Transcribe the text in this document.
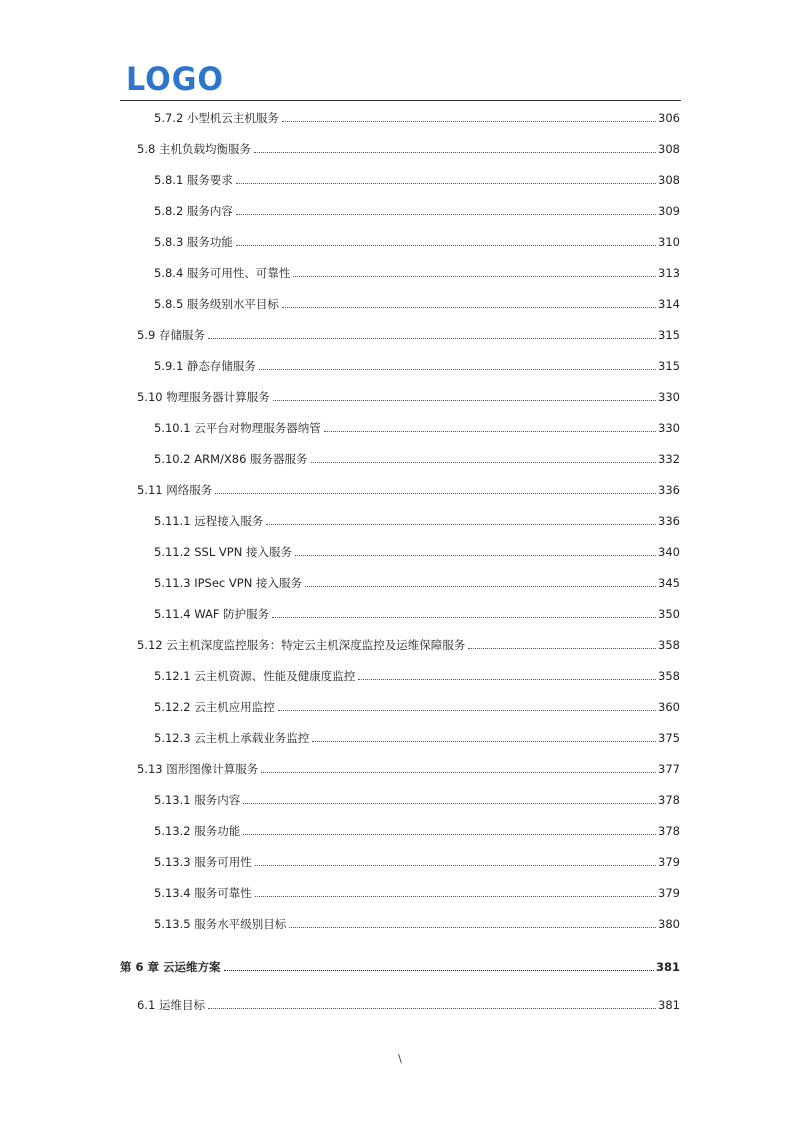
LOGO
5.7.2 小型机云主机服务	306
5.8 主机负载均衡服务	308
5.8.1 服务要求	308
5.8.2 服务内容	309
5.8.3 服务功能	310
5.8.4 服务可用性、可靠性	313
5.8.5 服务级别水平目标	314
5.9 存储服务	315
5.9.1 静态存储服务	315
5.10 物理服务器计算服务	330
5.10.1 云平台对物理服务器纳管	330
5.10.2 ARM/X86 服务器服务	332
5.11 网络服务	336
5.11.1 远程接入服务	336
5.11.2 SSL VPN 接入服务	340
5.11.3 IPSec VPN 接入服务	345
5.11.4 WAF 防护服务	350
5.12 云主机深度监控服务：特定云主机深度监控及运维保障服务	358
5.12.1 云主机资源、性能及健康度监控	358
5.12.2 云主机应用监控	360
5.12.3 云主机上承载业务监控	375
5.13 图形图像计算服务	377
5.13.1 服务内容	378
5.13.2 服务功能	378
5.13.3 服务可用性	379
5.13.4 服务可靠性	379
5.13.5 服务水平级别目标	380
第 6 章 云运维方案	381
6.1 运维目标	381
\
